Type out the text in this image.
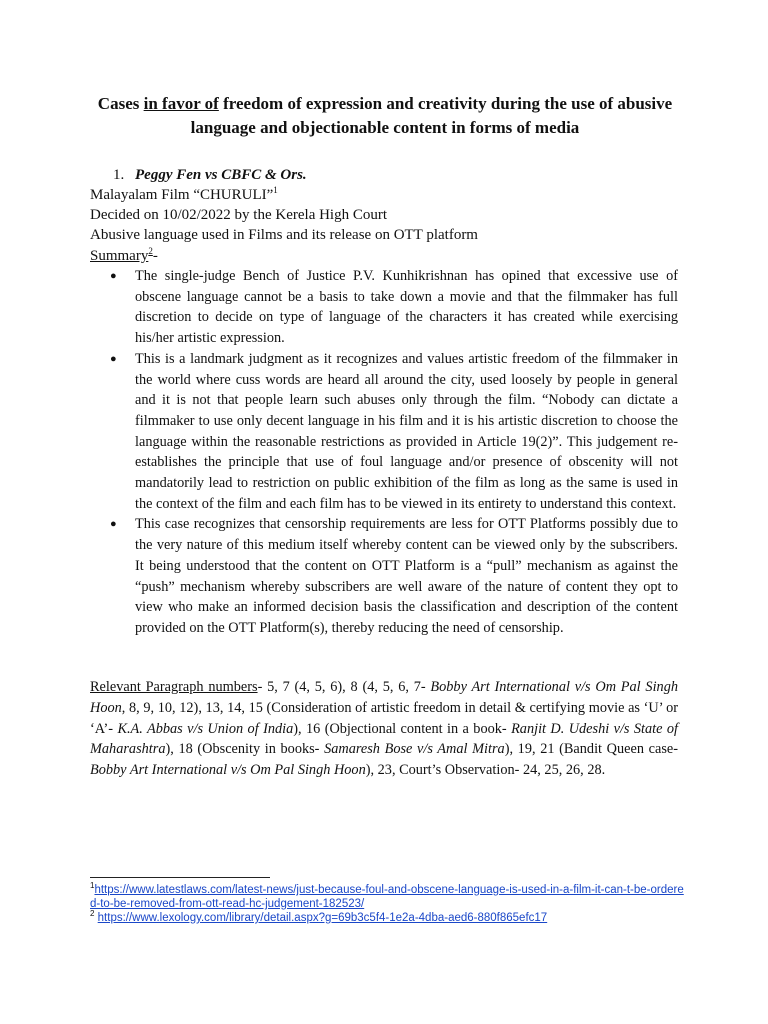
Cases in favor of freedom of expression and creativity during the use of abusive language and objectionable content in forms of media
1. Peggy Fen vs CBFC & Ors.
Malayalam Film “CHURULI”$^1$
Decided on 10/02/2022 by the Kerela High Court
Abusive language used in Films and its release on OTT platform
Summary$^2$-
● The single-judge Bench of Justice P.V. Kunhikrishnan has opined that excessive use of obscene language cannot be a basis to take down a movie and that the filmmaker has full discretion to decide on type of language of the characters it has created while exercising his/her artistic expression.
● This is a landmark judgment as it recognizes and values artistic freedom of the filmmaker in the world where cuss words are heard all around the city, used loosely by people in general and it is not that people learn such abuses only through the film. “Nobody can dictate a filmmaker to use only decent language in his film and it is his artistic discretion to choose the language within the reasonable restrictions as provided in Article 19(2)”. This judgement re-establishes the principle that use of foul language and/or presence of obscenity will not mandatorily lead to restriction on public exhibition of the film as long as the same is used in the context of the film and each film has to be viewed in its entirety to understand this context.
● This case recognizes that censorship requirements are less for OTT Platforms possibly due to the very nature of this medium itself whereby content can be viewed only by the subscribers. It being understood that the content on OTT Platform is a “pull” mechanism as against the “push” mechanism whereby subscribers are well aware of the nature of content they opt to view who make an informed decision basis the classification and description of the content provided on the OTT Platform(s), thereby reducing the need of censorship.
Relevant Paragraph numbers- 5, 7 (4, 5, 6), 8 (4, 5, 6, 7- Bobby Art International v/s Om Pal Singh Hoon, 8, 9, 10, 12), 13, 14, 15 (Consideration of artistic freedom in detail & certifying movie as ‘U’ or ‘A’- K.A. Abbas v/s Union of India), 16 (Objectional content in a book- Ranjit D. Udeshi v/s State of Maharashtra), 18 (Obscenity in books- Samaresh Bose v/s Amal Mitra), 19, 21 (Bandit Queen case- Bobby Art International v/s Om Pal Singh Hoon), 23, Court’s Observation- 24, 25, 26, 28.
$^1$https://www.latestlaws.com/latest-news/just-because-foul-and-obscene-language-is-used-in-a-film-it-can-t-be-ordered-to-be-removed-from-ott-read-hc-judgement-182523/
$^2$ https://www.lexology.com/library/detail.aspx?g=69b3c5f4-1e2a-4dba-aed6-880f865efc17
